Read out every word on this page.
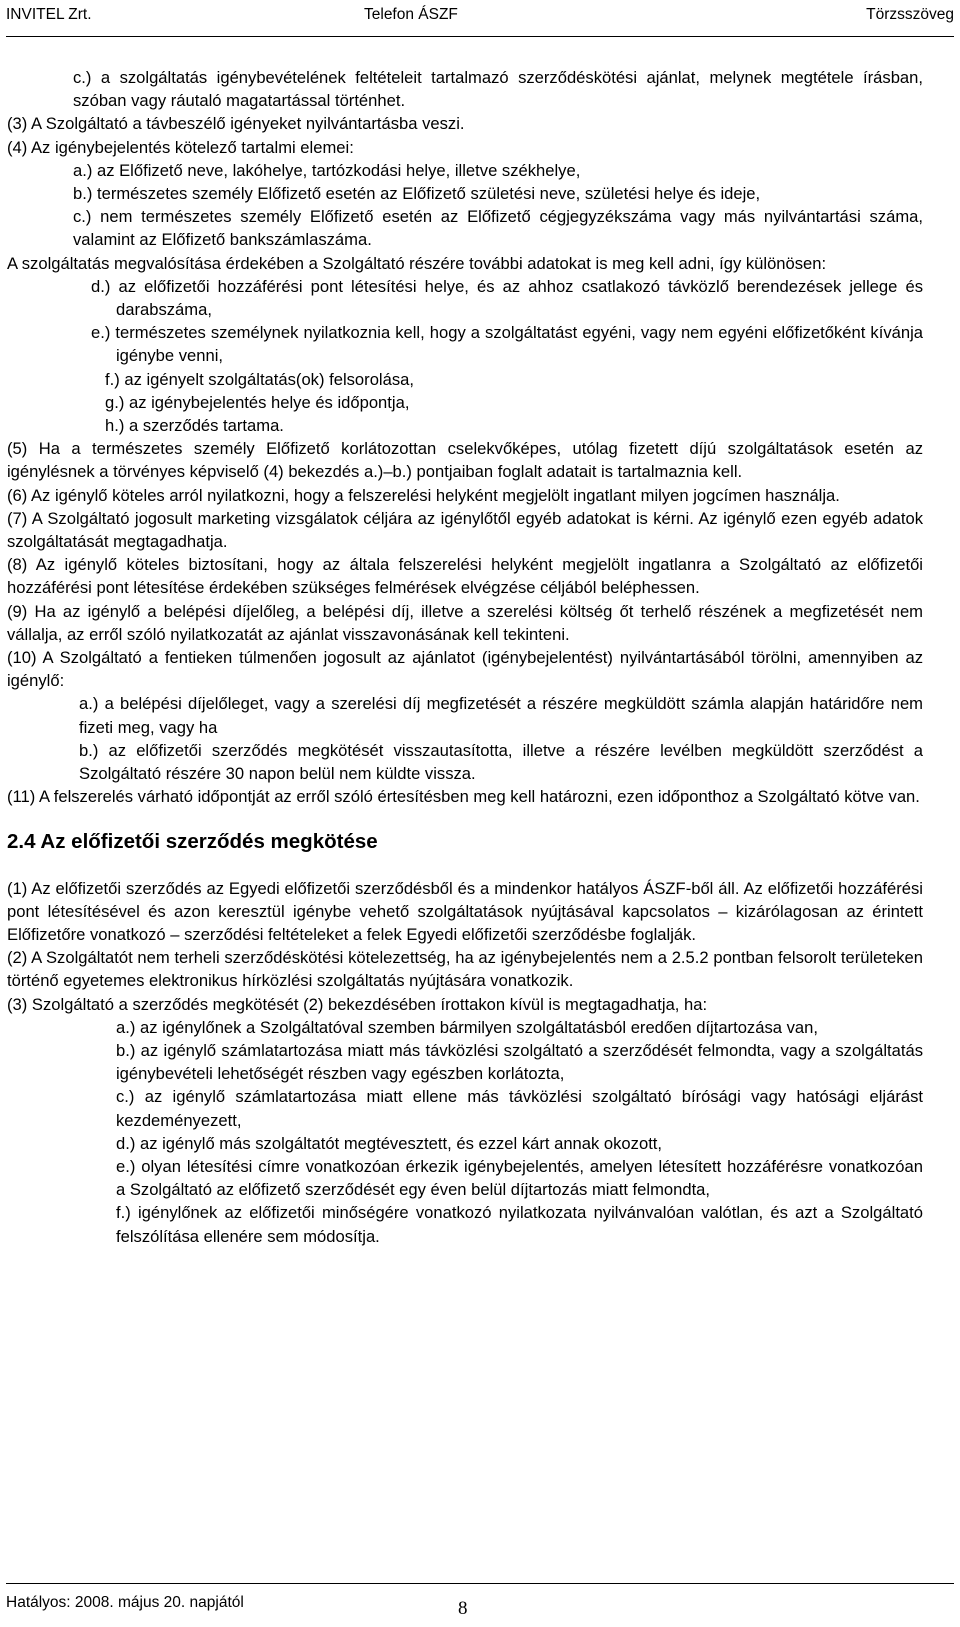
INVITEL Zrt.	Telefon ÁSZF	Törzsszöveg

c.) a szolgáltatás igénybevételének feltételeit tartalmazó szerződéskötési ajánlat, melynek megtétele írásban, szóban vagy ráutaló magatartással történhet.

(3) A Szolgáltató a távbeszélő igényeket nyilvántartásba veszi.

(4) Az igénybejelentés kötelező tartalmi elemei:

a.) az Előfizető neve, lakóhelye, tartózkodási helye, illetve székhelye,

b.) természetes személy Előfizető esetén az Előfizető születési neve, születési helye és ideje,

c.) nem természetes személy Előfizető esetén az Előfizető cégjegyzékszáma vagy más nyilvántartási száma, valamint az Előfizető bankszámlaszáma.

A szolgáltatás megvalósítása érdekében a Szolgáltató részére további adatokat is meg kell adni, így különösen:

d.) az előfizetői hozzáférési pont létesítési helye, és az ahhoz csatlakozó távközlő berendezések jellege és darabszáma,

e.) természetes személynek nyilatkoznia kell, hogy a szolgáltatást egyéni, vagy nem egyéni előfizetőként kívánja igénybe venni,

f.) az igényelt szolgáltatás(ok) felsorolása,

g.) az igénybejelentés helye és időpontja,

h.) a szerződés tartama.

(5) Ha a természetes személy Előfizető korlátozottan cselekvőképes, utólag fizetett díjú szolgáltatások esetén az igénylésnek a törvényes képviselő (4) bekezdés a.)–b.) pontjaiban foglalt adatait is tartalmaznia kell.

(6) Az igénylő köteles arról nyilatkozni, hogy a felszerelési helyként megjelölt ingatlant milyen jogcímen használja.

(7) A Szolgáltató jogosult marketing vizsgálatok céljára az igénylőtől egyéb adatokat is kérni. Az igénylő ezen egyéb adatok szolgáltatását megtagadhatja.

(8) Az igénylő köteles biztosítani, hogy az általa felszerelési helyként megjelölt ingatlanra a Szolgáltató az előfizetői hozzáférési pont létesítése érdekében szükséges felmérések elvégzése céljából beléphessen.

(9) Ha az igénylő a belépési díjelőleg, a belépési díj, illetve a szerelési költség őt terhelő részének a megfizetését nem vállalja, az erről szóló nyilatkozatát az ajánlat visszavonásának kell tekinteni.

(10) A Szolgáltató a fentieken túlmenően jogosult az ajánlatot (igénybejelentést) nyilvántartásából törölni, amennyiben az igénylő:

a.) a belépési díjelőleget, vagy a szerelési díj megfizetését a részére megküldött számla alapján határidőre nem fizeti meg, vagy ha

b.) az előfizetői szerződés megkötését visszautasította, illetve a részére levélben megküldött szerződést a Szolgáltató részére 30 napon belül nem küldte vissza.

(11) A felszerelés várható időpontját az erről szóló értesítésben meg kell határozni, ezen időponthoz a Szolgáltató kötve van.

2.4 Az előfizetői szerződés megkötése

(1) Az előfizetői szerződés az Egyedi előfizetői szerződésből és a mindenkor hatályos ÁSZF-ből áll. Az előfizetői hozzáférési pont létesítésével és azon keresztül igénybe vehető szolgáltatások nyújtásával kapcsolatos – kizárólagosan az érintett Előfizetőre vonatkozó – szerződési feltételeket a felek Egyedi előfizetői szerződésbe foglalják.

(2) A Szolgáltatót nem terheli szerződéskötési kötelezettség, ha az igénybejelentés nem a 2.5.2 pontban felsorolt területeken történő egyetemes elektronikus hírközlési szolgáltatás nyújtására vonatkozik.

(3) Szolgáltató a szerződés megkötését (2) bekezdésében írottakon kívül is megtagadhatja, ha:

a.) az igénylőnek a Szolgáltatóval szemben bármilyen szolgáltatásból eredően díjtartozása van,

b.) az igénylő számlatartozása miatt más távközlési szolgáltató a szerződését felmondta, vagy a szolgáltatás igénybevételi lehetőségét részben vagy egészben korlátozta,

c.) az igénylő számlatartozása miatt ellene más távközlési szolgáltató bírósági vagy hatósági eljárást kezdeményezett,

d.) az igénylő más szolgáltatót megtévesztett, és ezzel kárt annak okozott,

e.) olyan létesítési címre vonatkozóan érkezik igénybejelentés, amelyen létesített hozzáférésre vonatkozóan a Szolgáltató az előfizető szerződését egy éven belül díjtartozás miatt felmondta,

f.) igénylőnek az előfizetői minőségére vonatkozó nyilatkozata nyilvánvalóan valótlan, és azt a Szolgáltató felszólítása ellenére sem módosítja.

Hatályos: 2008. május 20. napjától	8
